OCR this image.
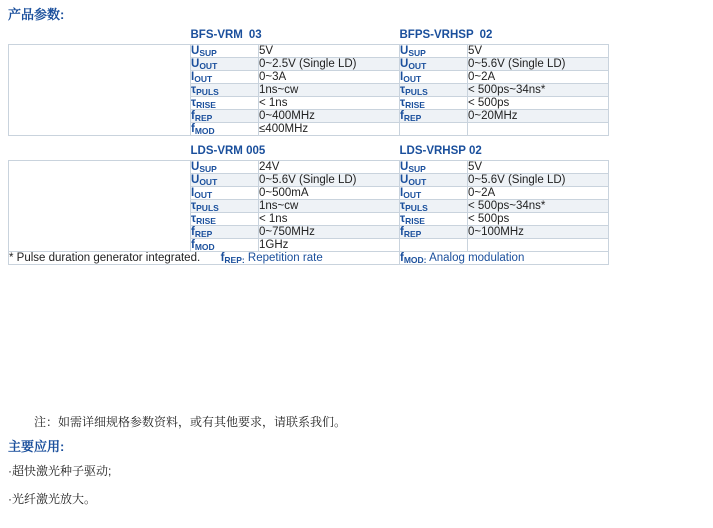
产品参数:
	BFS-VRM 03		BFPS-VRHSP 02	

	$U_{SUP}$	5V	$U_{SUP}$	5V
	$U_{OUT}$	0~2.5V (Single LD)	$U_{OUT}$	0~5.6V (Single LD)
	$I_{OUT}$	0~3A	$I_{OUT}$	0~2A
	$\tau_{PULS}$	1ns~cw	$\tau_{PULS}$	< 500ps~34ns*
	$\tau_{RISE}$	< 1ns	$\tau_{RISE}$	< 500ps
	$f_{REP}$	0~400MHz	$f_{REP}$	0~20MHz
	$f_{MOD}$	≤400MHz		
	LDS-VRM 005		LDS-VRHSP 02	

	$U_{SUP}$	24V	$U_{SUP}$	5V
	$U_{OUT}$	0~5.6V (Single LD)	$U_{OUT}$	0~5.6V (Single LD)
	$I_{OUT}$	0~500mA	$I_{OUT}$	0~2A
	$\tau_{PULS}$	1ns~cw	$\tau_{PULS}$	< 500ps~34ns*
	$\tau_{RISE}$	< 1ns	$\tau_{RISE}$	< 500ps
	$f_{REP}$	0~750MHz	$f_{REP}$	0~100MHz
	$f_{MOD}$	1GHz		
* Pulse duration generator integrated. $f_{REP:}$ Repetition rate			$f_{MOD:}$ Analog modulation	
注：如需详细规格参数资料，或有其他要求，请联系我们。
主要应用:
·超快激光种子驱动;
·光纤激光放大。
